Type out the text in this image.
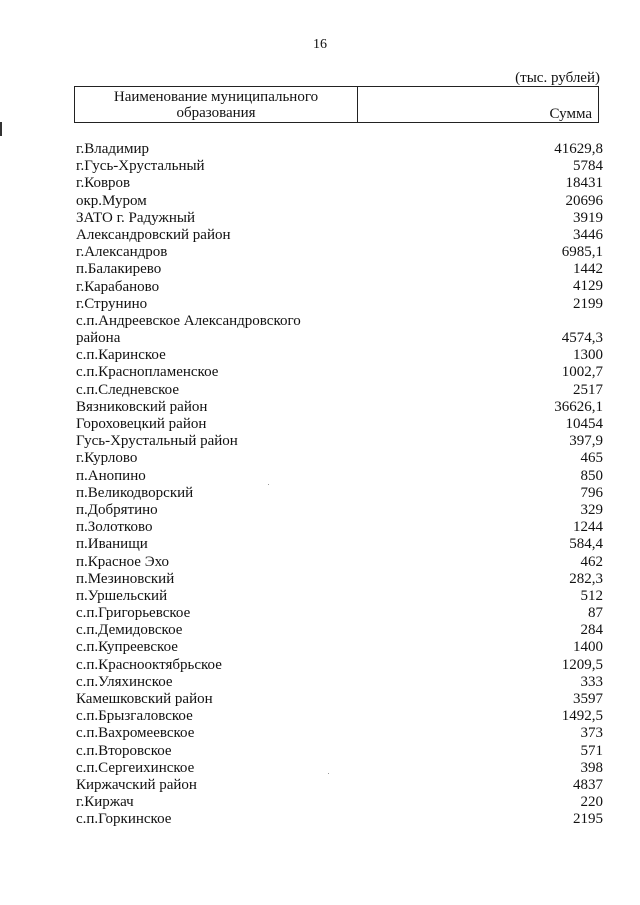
16
(тыс. рублей)
Наименование муниципального
образования	Сумма
г.Владимир	41629,8
г.Гусь-Хрустальный	5784
г.Ковров	18431
окр.Муром	20696
ЗАТО г. Радужный	3919
Александровский район	3446
г.Александров	6985,1
п.Балакирево	1442
г.Карабаново	4129
г.Струнино	2199
с.п.Андреевское Александровского
района	4574,3
с.п.Каринское	1300
с.п.Краснопламенское	1002,7
с.п.Следневское	2517
Вязниковский район	36626,1
Гороховецкий район	10454
Гусь-Хрустальный район	397,9
г.Курлово	465
п.Анопино	850
п.Великодворский	796
п.Добрятино	329
п.Золотково	1244
п.Иванищи	584,4
п.Красное Эхо	462
п.Мезиновский	282,3
п.Уршельский	512
с.п.Григорьевское	87
с.п.Демидовское	284
с.п.Купреевское	1400
с.п.Краснооктябрьское	1209,5
с.п.Уляхинское	333
Камешковский район	3597
с.п.Брызгаловское	1492,5
с.п.Вахромеевское	373
с.п.Второвское	571
с.п.Сергеихинское	398
Киржачский район	4837
г.Киржач	220
с.п.Горкинское	2195
